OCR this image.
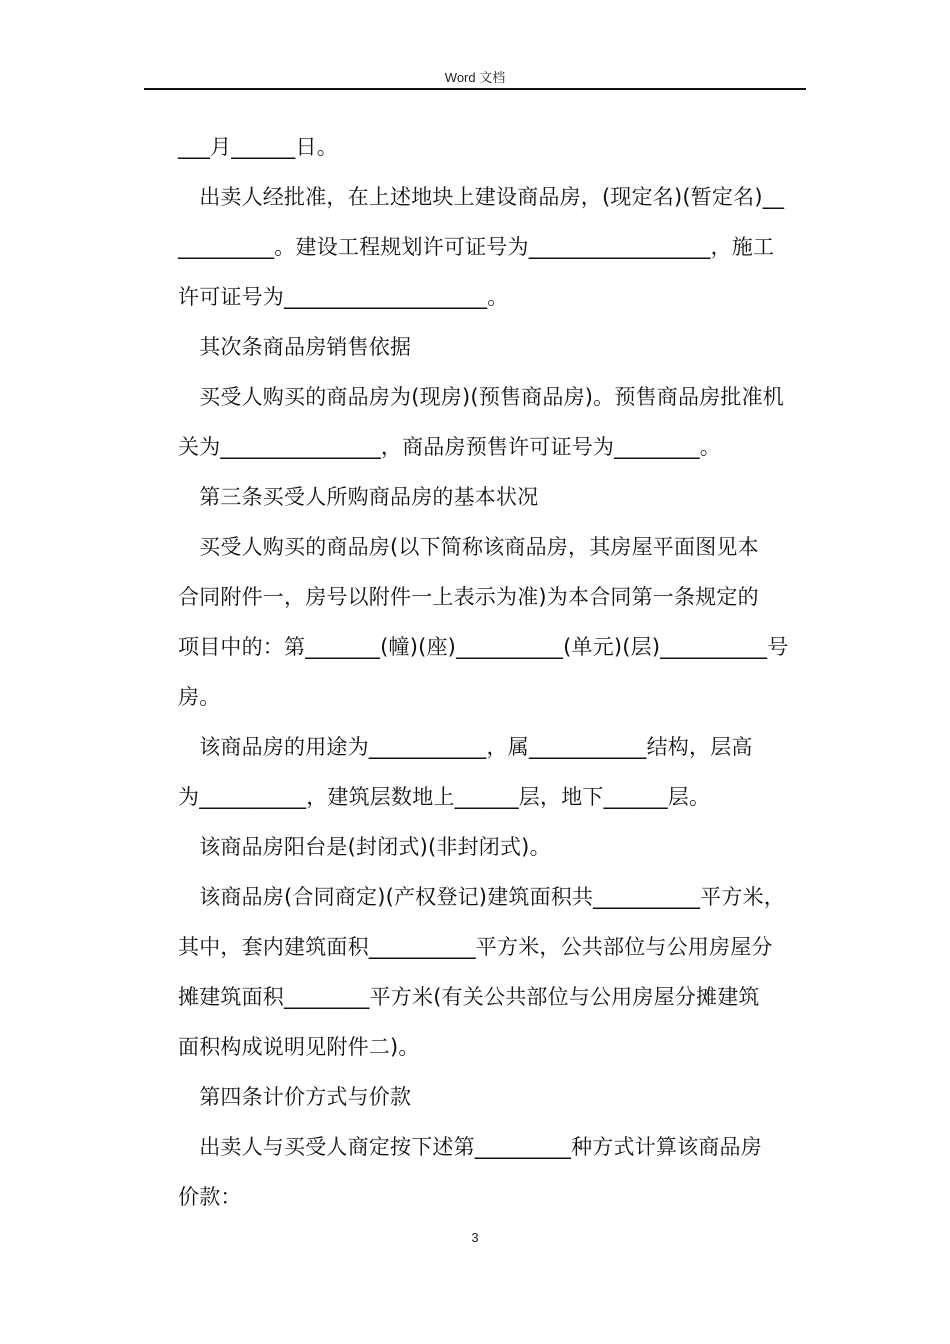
Word 文档
___月______日。
　出卖人经批准，在上述地块上建设商品房，(现定名)(暂定名)__
_________。建设工程规划许可证号为_________________，施工
许可证号为___________________。
　其次条商品房销售依据
　买受人购买的商品房为(现房)(预售商品房)。预售商品房批准机
关为_______________，商品房预售许可证号为________。
　第三条买受人所购商品房的基本状况
　买受人购买的商品房(以下简称该商品房，其房屋平面图见本
合同附件一，房号以附件一上表示为准)为本合同第一条规定的
项目中的：第_______(幢)(座)__________(单元)(层)__________号
房。
　该商品房的用途为___________，属___________结构，层高
为__________，建筑层数地上______层，地下______层。
　该商品房阳台是(封闭式)(非封闭式)。
　该商品房(合同商定)(产权登记)建筑面积共__________平方米，
其中，套内建筑面积__________平方米，公共部位与公用房屋分
摊建筑面积________平方米(有关公共部位与公用房屋分摊建筑
面积构成说明见附件二)。
　第四条计价方式与价款
　出卖人与买受人商定按下述第_________种方式计算该商品房
价款：
3
